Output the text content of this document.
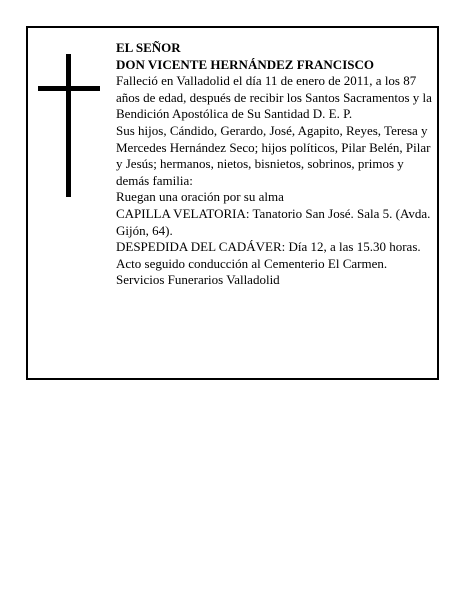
EL SEÑOR

DON VICENTE HERNÁNDEZ FRANCISCO

Falleció en Valladolid el día 11 de enero de 2011, a los 87 años de edad, después de recibir los Santos Sacramentos y la Bendición Apostólica de Su Santidad D. E. P.

Sus hijos, Cándido, Gerardo, José, Agapito, Reyes, Teresa y Mercedes Hernández Seco; hijos políticos, Pilar Belén, Pilar y Jesús; hermanos, nietos, bisnietos, sobrinos, primos y demás familia:

Ruegan una oración por su alma

CAPILLA VELATORIA: Tanatorio San José. Sala 5. (Avda. Gijón, 64).

DESPEDIDA DEL CADÁVER: Día 12, a las 15.30 horas. Acto seguido conducción al Cementerio El Carmen.

Servicios Funerarios Valladolid
